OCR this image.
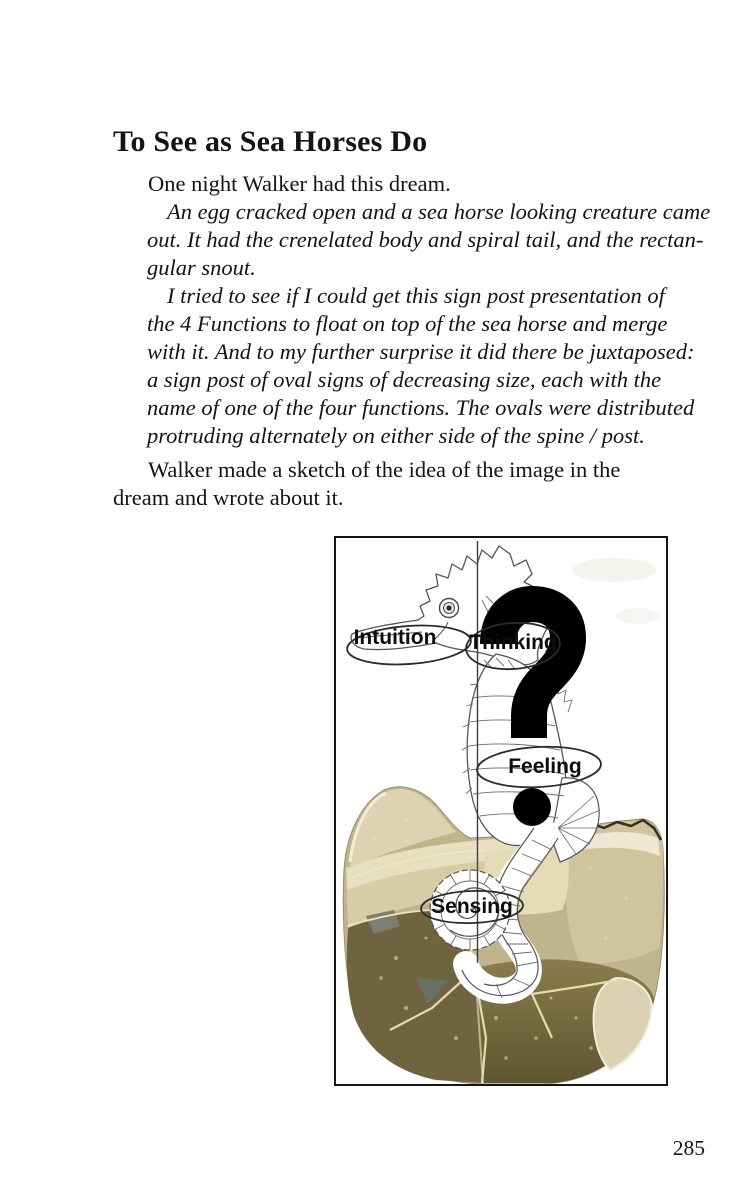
To See as Sea Horses Do
One night Walker had this dream.
An egg cracked open and a sea horse looking creature came
out. It had the crenelated body and spiral tail, and the rectan-
gular snout.
I tried to see if I could get this sign post presentation of
the 4 Functions to float on top of the sea horse and merge
with it. And to my further surprise it did there be juxtaposed:
a sign post of oval signs of decreasing size, each with the
name of one of the four functions. The ovals were distributed
protruding alternately on either side of the spine / post.
Walker made a sketch of the idea of the image in the
dream and wrote about it.
Intuition Thinking
Feeling
Sensing
285
